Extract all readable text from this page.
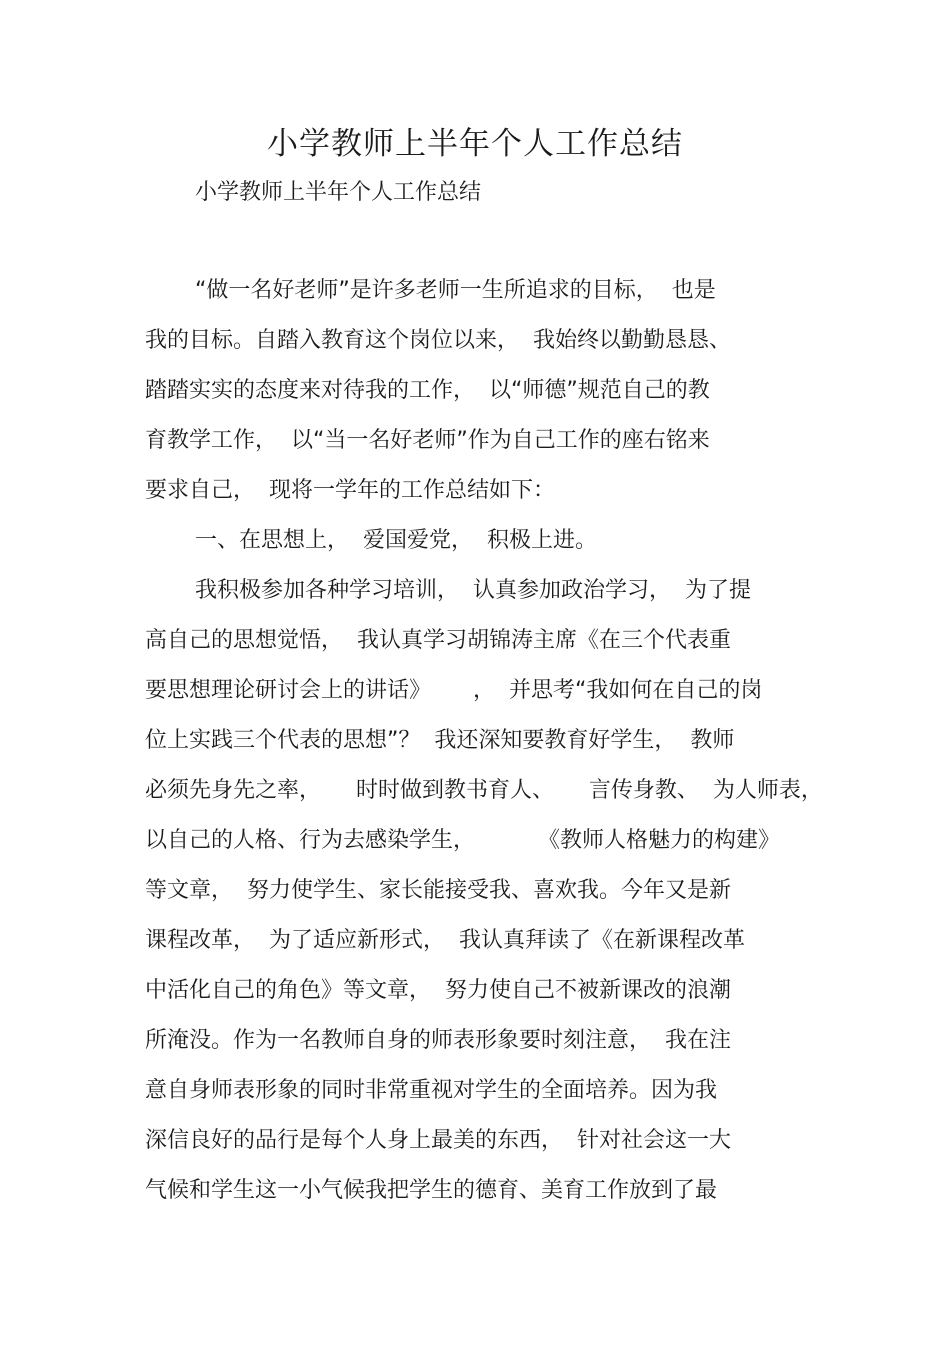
小学教师上半年个人工作总结

小学教师上半年个人工作总结

“做一名好老师”是许多老师一生所追求的目标，  也是

我的目标。自踏入教育这个岗位以来，  我始终以勤勤恳恳、

踏踏实实的态度来对待我的工作，  以“师德”规范自己的教

育教学工作，  以“当一名好老师”作为自己工作的座右铭来

要求自己，  现将一学年的工作总结如下：

一、在思想上，  爱国爱党，  积极上进。

我积极参加各种学习培训，  认真参加政治学习，  为了提

高自己的思想觉悟，  我认真学习胡锦涛主席《在三个代表重

要思想理论研讨会上的讲话》      ，  并思考“我如何在自己的岗

位上实践三个代表的思想”？  我还深知要教育好学生，  教师

必须先身先之率，     时时做到教书育人、     言传身教、  为人师表，

以自己的人格、行为去感染学生，         《教师人格魅力的构建》

等文章，  努力使学生、家长能接受我、喜欢我。今年又是新

课程改革，  为了适应新形式，  我认真拜读了《在新课程改革

中活化自己的角色》等文章，  努力使自己不被新课改的浪潮

所淹没。作为一名教师自身的师表形象要时刻注意，  我在注

意自身师表形象的同时非常重视对学生的全面培养。因为我

深信良好的品行是每个人身上最美的东西，  针对社会这一大

气候和学生这一小气候我把学生的德育、美育工作放到了最
